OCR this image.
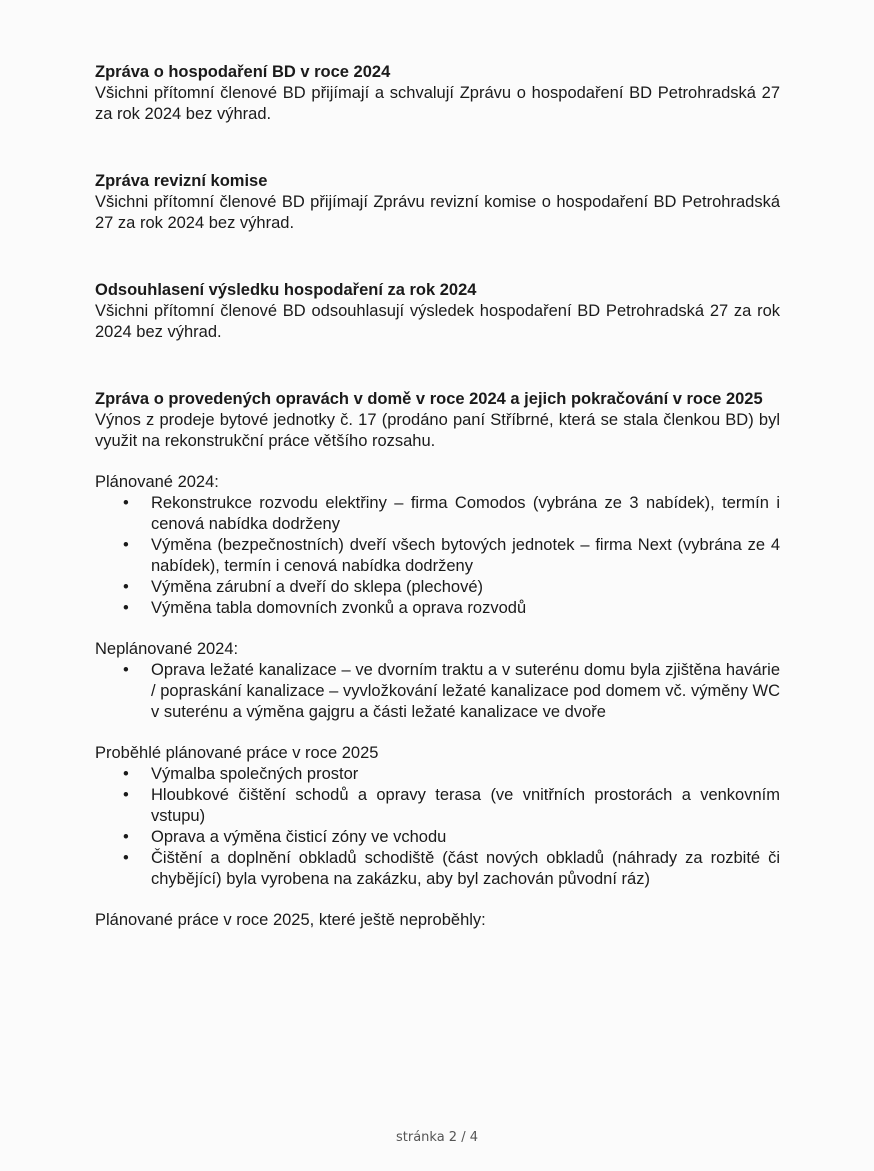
Zpráva o hospodaření BD v roce 2024

Všichni přítomní členové BD přijímají a schvalují Zprávu o hospodaření BD Petrohradská 27 za rok 2024 bez výhrad.

Zpráva revizní komise

Všichni přítomní členové BD přijímají Zprávu revizní komise o hospodaření BD Petrohradská 27 za rok 2024 bez výhrad.

Odsouhlasení výsledku hospodaření za rok 2024

Všichni přítomní členové BD odsouhlasují výsledek hospodaření BD Petrohradská 27 za rok 2024 bez výhrad.

Zpráva o provedených opravách v domě v roce 2024 a jejich pokračování v roce 2025

Výnos z prodeje bytové jednotky č. 17 (prodáno paní Stříbrné, která se stala členkou BD) byl využit na rekonstrukční práce většího rozsahu.

Plánované 2024:

• Rekonstrukce rozvodu elektřiny – firma Comodos (vybrána ze 3 nabídek), termín i cenová nabídka dodrženy
• Výměna (bezpečnostních) dveří všech bytových jednotek – firma Next (vybrána ze 4 nabídek), termín i cenová nabídka dodrženy
• Výměna zárubní a dveří do sklepa (plechové)
• Výměna tabla domovních zvonků a oprava rozvodů

Neplánované 2024:

• Oprava ležaté kanalizace – ve dvorním traktu a v suterénu domu byla zjištěna havárie / popraskání kanalizace – vyvložkování ležaté kanalizace pod domem vč. výměny WC v suterénu a výměna gajgru a části ležaté kanalizace ve dvoře

Proběhlé plánované práce v roce 2025

• Výmalba společných prostor
• Hloubkové čištění schodů a opravy terasa (ve vnitřních prostorách a venkovním vstupu)
• Oprava a výměna čisticí zóny ve vchodu
• Čištění a doplnění obkladů schodiště (část nových obkladů (náhrady za rozbité či chybějící) byla vyrobena na zakázku, aby byl zachován původní ráz)

Plánované práce v roce 2025, které ještě neproběhly:

stránka 2 / 4
